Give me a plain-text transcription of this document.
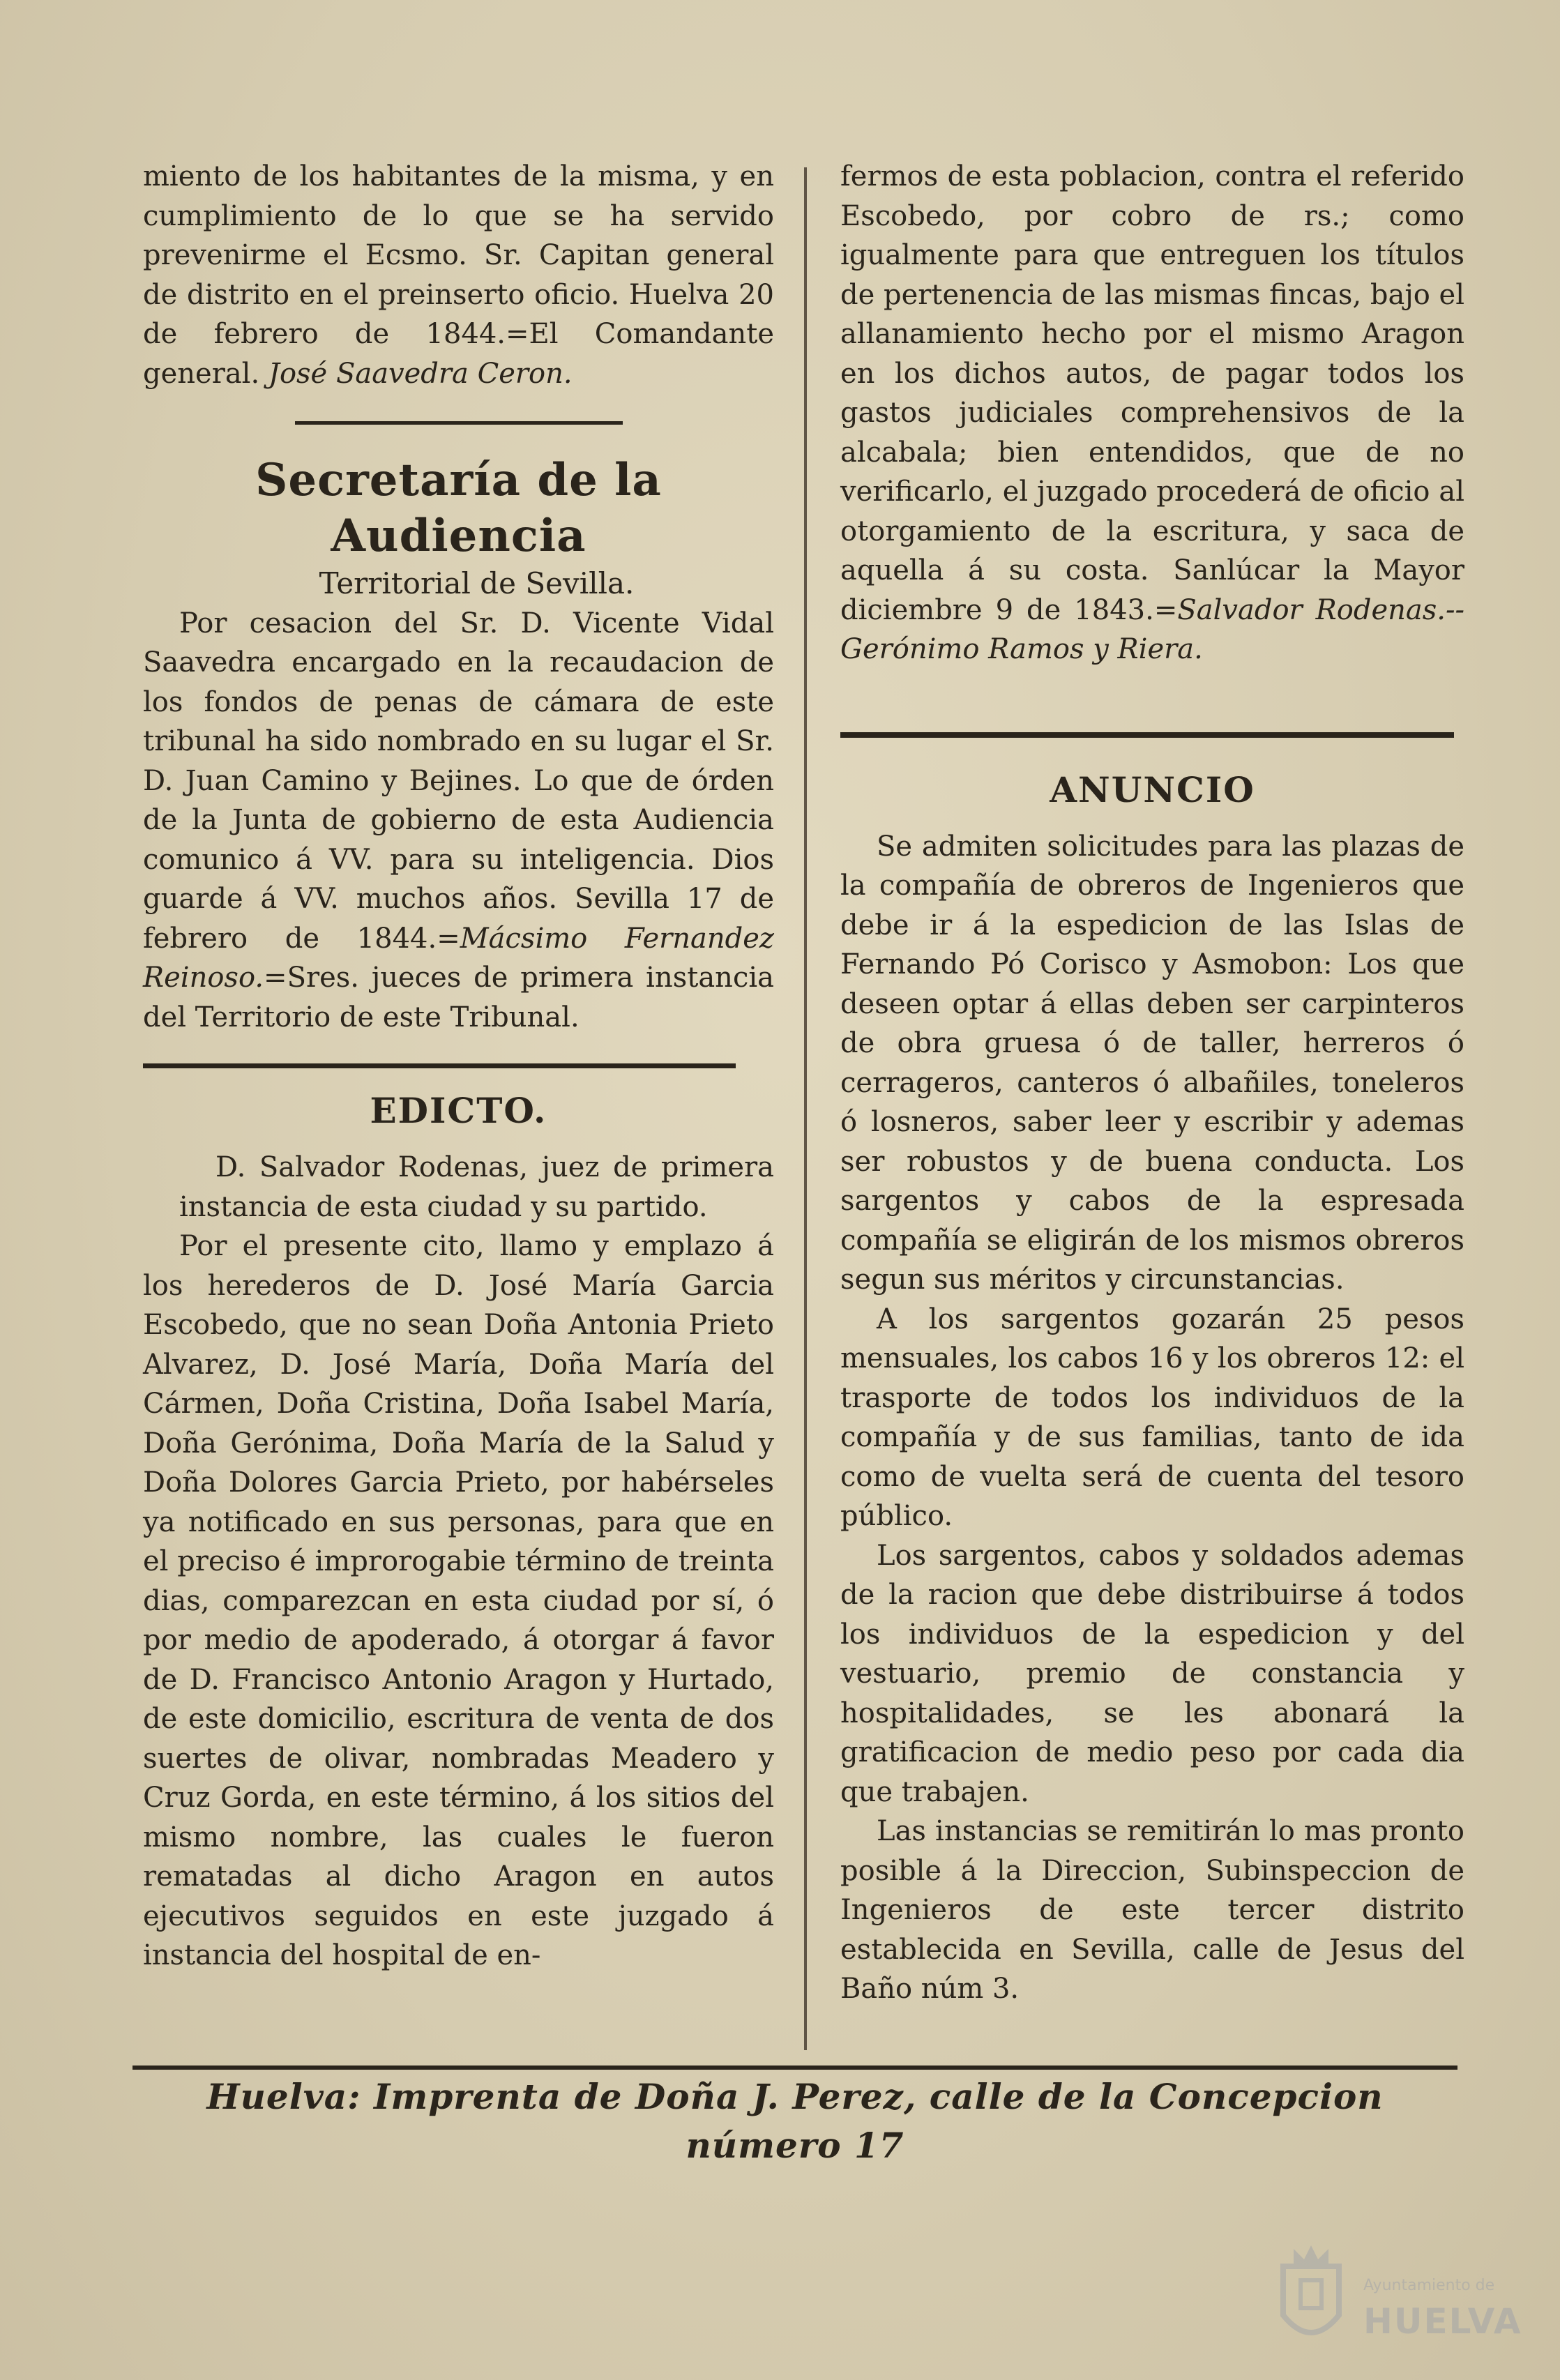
miento de los habitantes de la misma, y en cumplimiento de lo que se ha servido prevenirme el Ecsmo. Sr. Capitan general de distrito en el preinserto oficio. Huelva 20 de febrero de 1844.=El Comandante general. José Saavedra Ceron.

Secretaría de la Audiencia

Territorial de Sevilla.

Por cesacion del Sr. D. Vicente Vidal Saavedra encargado en la recaudacion de los fondos de penas de cámara de este tribunal ha sido nombrado en su lugar el Sr. D. Juan Camino y Bejines. Lo que de órden de la Junta de gobierno de esta Audiencia comunico á VV. para su inteligencia. Dios guarde á VV. muchos años. Sevilla 17 de febrero de 1844.=Mácsimo Fernandez Reinoso.=Sres. jueces de primera instancia del Territorio de este Tribunal.

EDICTO.

D. Salvador Rodenas, juez de primera instancia de esta ciudad y su partido.

Por el presente cito, llamo y emplazo á los herederos de D. José María Garcia Escobedo, que no sean Doña Antonia Prieto Alvarez, D. José María, Doña María del Cármen, Doña Cristina, Doña Isabel María, Doña Gerónima, Doña María de la Salud y Doña Dolores Garcia Prieto, por habérseles ya notificado en sus personas, para que en el preciso é improrogabie término de treinta dias, comparezcan en esta ciudad por sí, ó por medio de apoderado, á otorgar á favor de D. Francisco Antonio Aragon y Hurtado, de este domicilio, escritura de venta de dos suertes de olivar, nombradas Meadero y Cruz Gorda, en este término, á los sitios del mismo nombre, las cuales le fueron rematadas al dicho Aragon en autos ejecutivos seguidos en este juzgado á instancia del hospital de en-

fermos de esta poblacion, contra el referido Escobedo, por cobro de rs.; como igualmente para que entreguen los títulos de pertenencia de las mismas fincas, bajo el allanamiento hecho por el mismo Aragon en los dichos autos, de pagar todos los gastos judiciales comprehensivos de la alcabala; bien entendidos, que de no verificarlo, el juzgado procederá de oficio al otorgamiento de la escritura, y saca de aquella á su costa. Sanlúcar la Mayor diciembre 9 de 1843.=Salvador Rodenas.--Gerónimo Ramos y Riera.

ANUNCIO

Se admiten solicitudes para las plazas de la compañía de obreros de Ingenieros que debe ir á la espedicion de las Islas de Fernando Pó Corisco y Asmobon: Los que deseen optar á ellas deben ser carpinteros de obra gruesa ó de taller, herreros ó cerrageros, canteros ó albañiles, toneleros ó losneros, saber leer y escribir y ademas ser robustos y de buena conducta. Los sargentos y cabos de la espresada compañía se eligirán de los mismos obreros segun sus méritos y circunstancias.

A los sargentos gozarán 25 pesos mensuales, los cabos 16 y los obreros 12: el trasporte de todos los individuos de la compañía y de sus familias, tanto de ida como de vuelta será de cuenta del tesoro público.

Los sargentos, cabos y soldados ademas de la racion que debe distribuirse á todos los individuos de la espedicion y del vestuario, premio de constancia y hospitalidades, se les abonará la gratificacion de medio peso por cada dia que trabajen.

Las instancias se remitirán lo mas pronto posible á la Direccion, Subinspeccion de Ingenieros de este tercer distrito establecida en Sevilla, calle de Jesus del Baño núm 3.

Huelva: Imprenta de Doña J. Perez, calle de la Concepcion número 17
Ayuntamiento de
HUELVA
